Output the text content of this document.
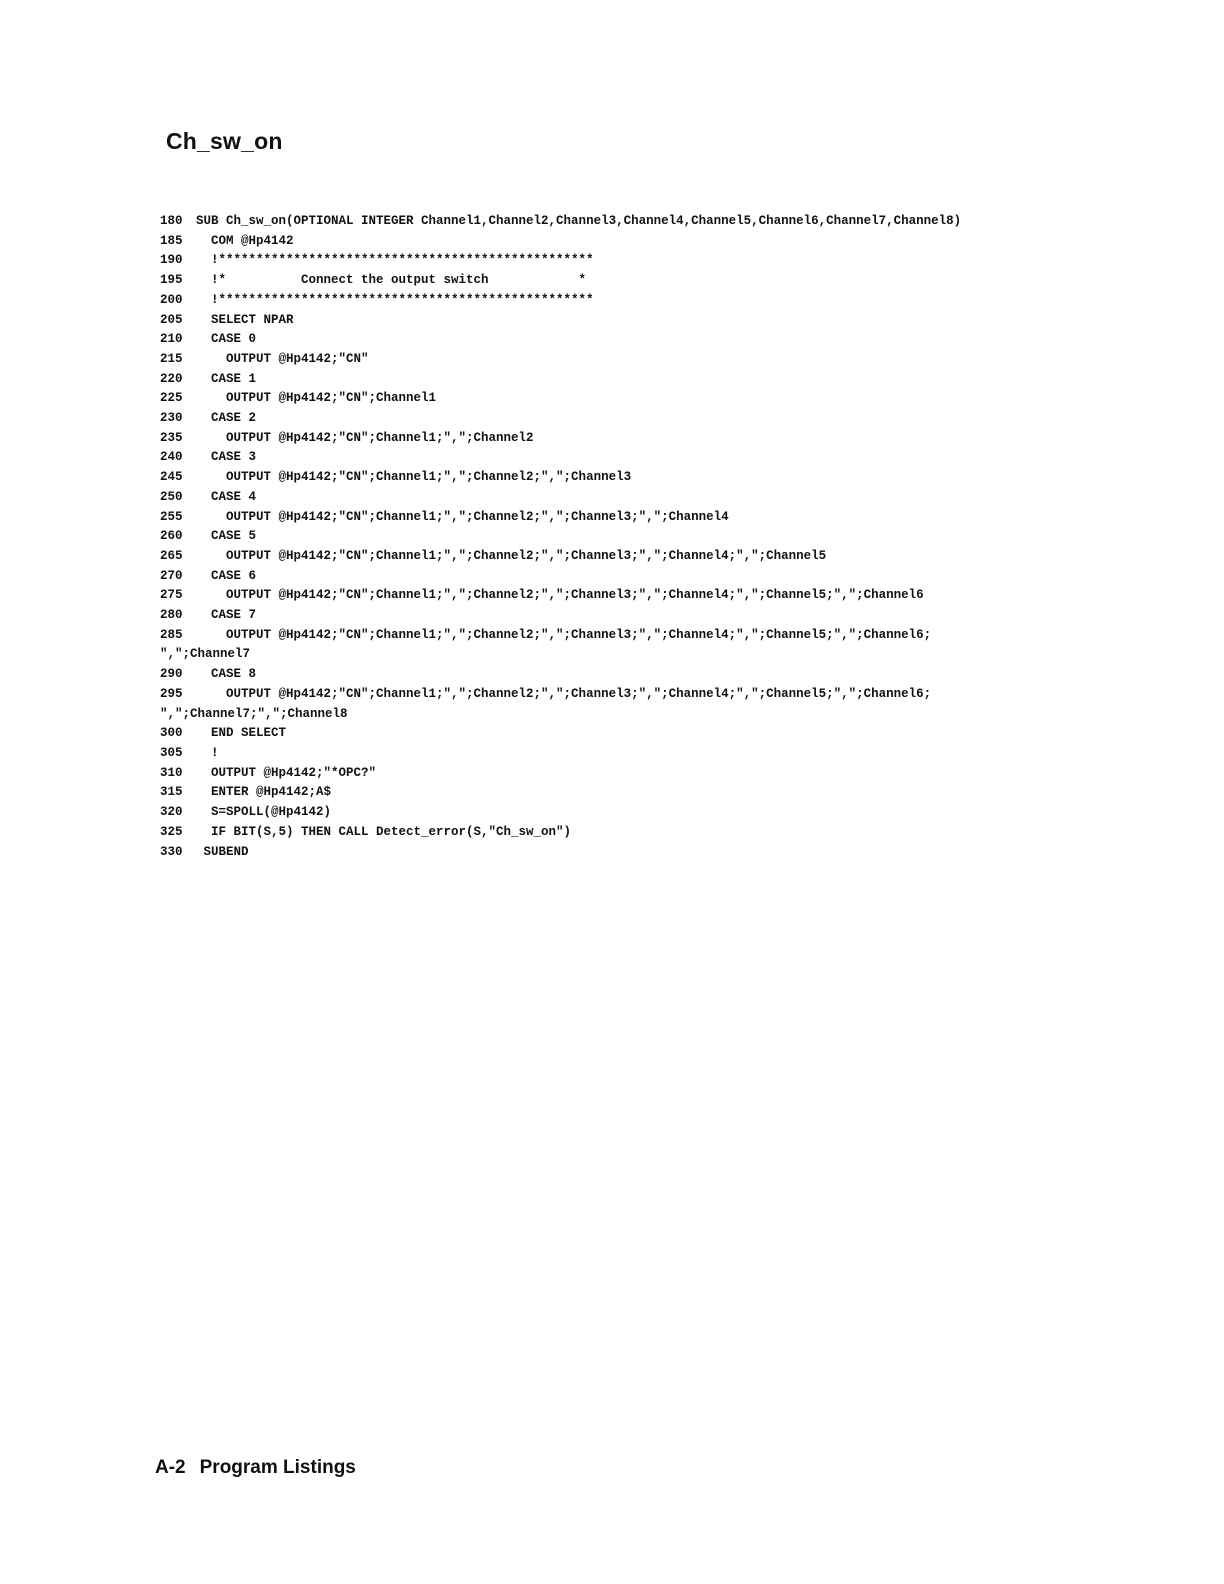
Ch_sw_on
180	SUB Ch_sw_on(OPTIONAL INTEGER Channel1,Channel2,Channel3,Channel4,Channel5,Channel6,Channel7,Channel8)
185	COM @Hp4142
190	!**************************************************
195	!*          Connect the output switch            *
200	!**************************************************
205	SELECT NPAR
210	CASE 0
215	OUTPUT @Hp4142;"CN"
220	CASE 1
225	OUTPUT @Hp4142;"CN";Channel1
230	CASE 2
235	OUTPUT @Hp4142;"CN";Channel1;",";Channel2
240	CASE 3
245	OUTPUT @Hp4142;"CN";Channel1;",";Channel2;",";Channel3
250	CASE 4
255	OUTPUT @Hp4142;"CN";Channel1;",";Channel2;",";Channel3;",";Channel4
260	CASE 5
265	OUTPUT @Hp4142;"CN";Channel1;",";Channel2;",";Channel3;",";Channel4;",";Channel5
270	CASE 6
275	OUTPUT @Hp4142;"CN";Channel1;",";Channel2;",";Channel3;",";Channel4;",";Channel5;",";Channel6
280	CASE 7
285	OUTPUT @Hp4142;"CN";Channel1;",";Channel2;",";Channel3;",";Channel4;",";Channel5;",";Channel6;
",";Channel7
290	CASE 8
295	OUTPUT @Hp4142;"CN";Channel1;",";Channel2;",";Channel3;",";Channel4;",";Channel5;",";Channel6;
",";Channel7;",";Channel8
300	END SELECT
305	!
310	OUTPUT @Hp4142;"*OPC?"
315	ENTER @Hp4142;A$
320	S=SPOLL(@Hp4142)
325	IF BIT(S,5) THEN CALL Detect_error(S,"Ch_sw_on")
330	SUBEND
A-2 Program Listings
